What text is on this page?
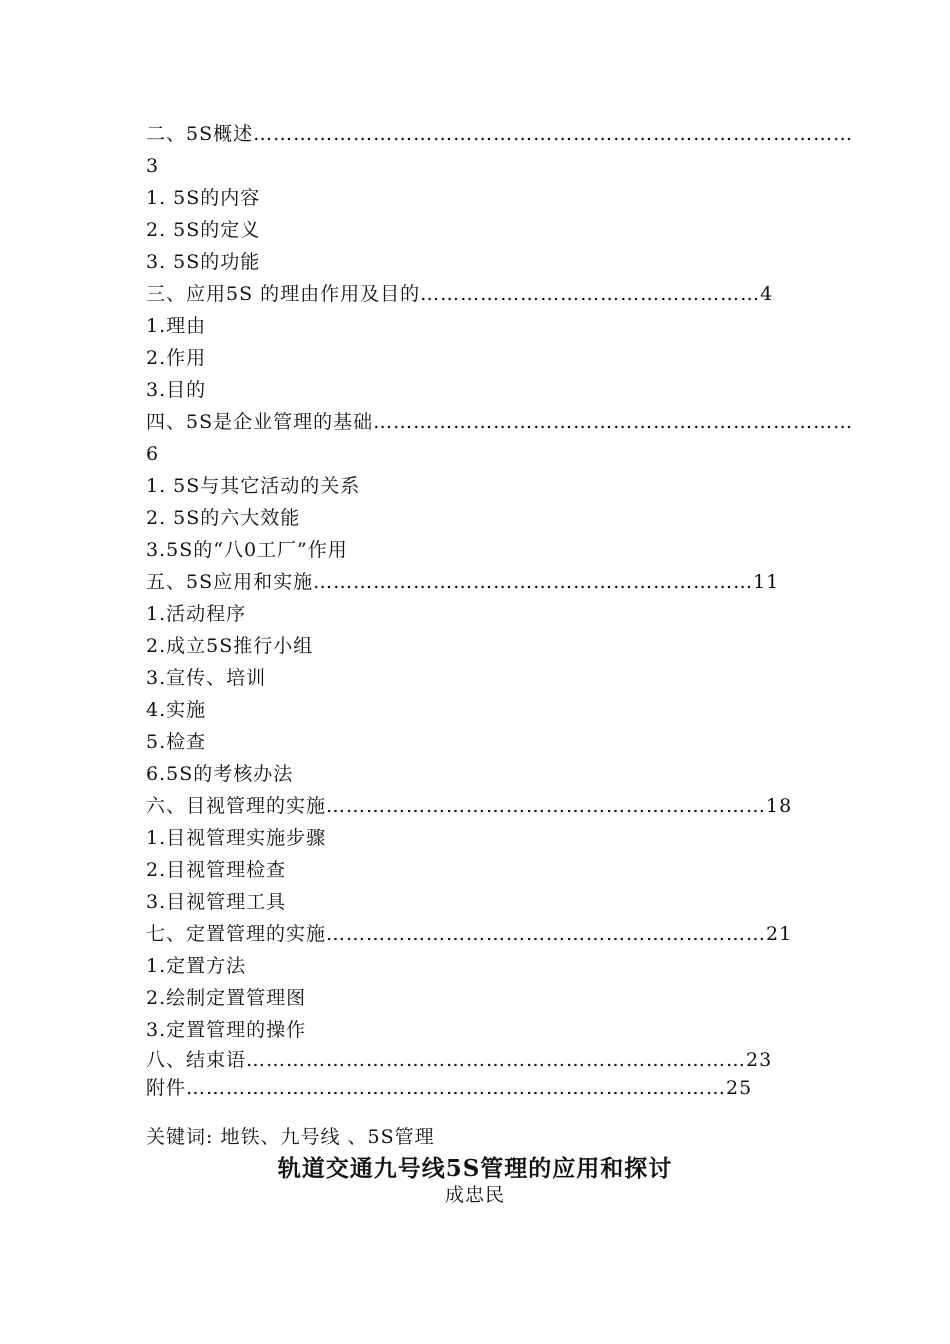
二、5S概述………………………………………………………………………………
3
1. 5S的内容
2. 5S的定义
3. 5S的功能
三、应用5S 的理由作用及目的……………………………………………4
1.理由
2.作用
3.目的
四、5S是企业管理的基础………………………………………………………………
6
1. 5S与其它活动的关系
2. 5S的六大效能
3.5S的“八0工厂”作用
五、5S应用和实施…………………………………………………………11
1.活动程序
2.成立5S推行小组
3.宣传、培训
4.实施
5.检查
6.5S的考核办法
六、目视管理的实施…………………………………………………………18
1.目视管理实施步骤
2.目视管理检查
3.目视管理工具
七、定置管理的实施…………………………………………………………21
1.定置方法
2.绘制定置管理图
3.定置管理的操作
八、结束语…………………………………………………………………23
附件………………………………………………………………………25
关键词: 地铁、九号线 、5S管理
轨道交通九号线5S管理的应用和探讨
成忠民
